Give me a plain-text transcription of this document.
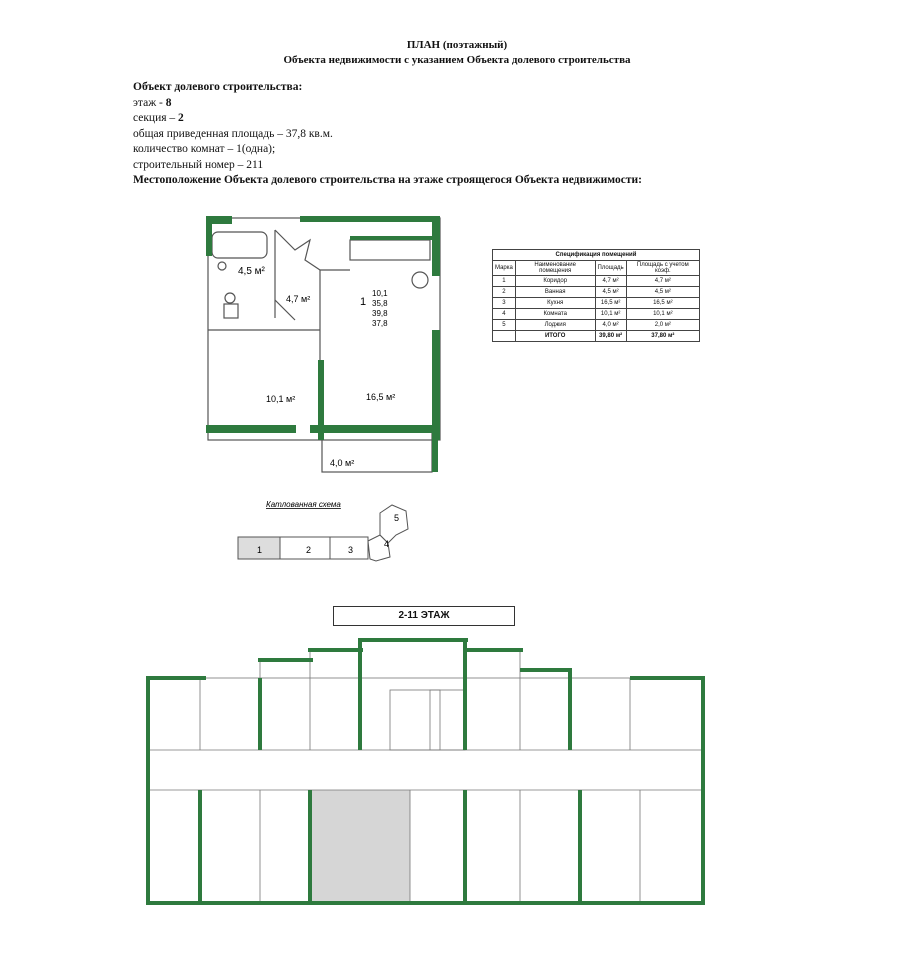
ПЛАН (поэтажный)
Объекта недвижимости с указанием Объекта долевого строительства
Объект долевого строительства:
этаж - 8
секция – 2
общая приведенная площадь – 37,8 кв.м.
количество комнат – 1(одна);
строительный номер – 211
Местоположение Объекта долевого строительства на этаже строящегося Объекта недвижимости:
4,5 м²
4,7 м²
10,1 м²	16,5 м²
4,0 м²
1
10,1
35,8
39,8
37,8
Спецификация помещений			
Марка	Наименование помещения	Площадь	Площадь с учетом коэф.
1	Коридор	4,7 м²	4,7 м²
2	Ванная	4,5 м²	4,5 м²
3	Кухня	16,5 м²	16,5 м²
4	Комната	10,1 м²	10,1 м²
5	Лоджия	4,0 м²	2,0 м²
	ИТОГО	39,80 м²	37,80 м²
Катлованная схема
1	2	3
4
5
2-11 ЭТАЖ
